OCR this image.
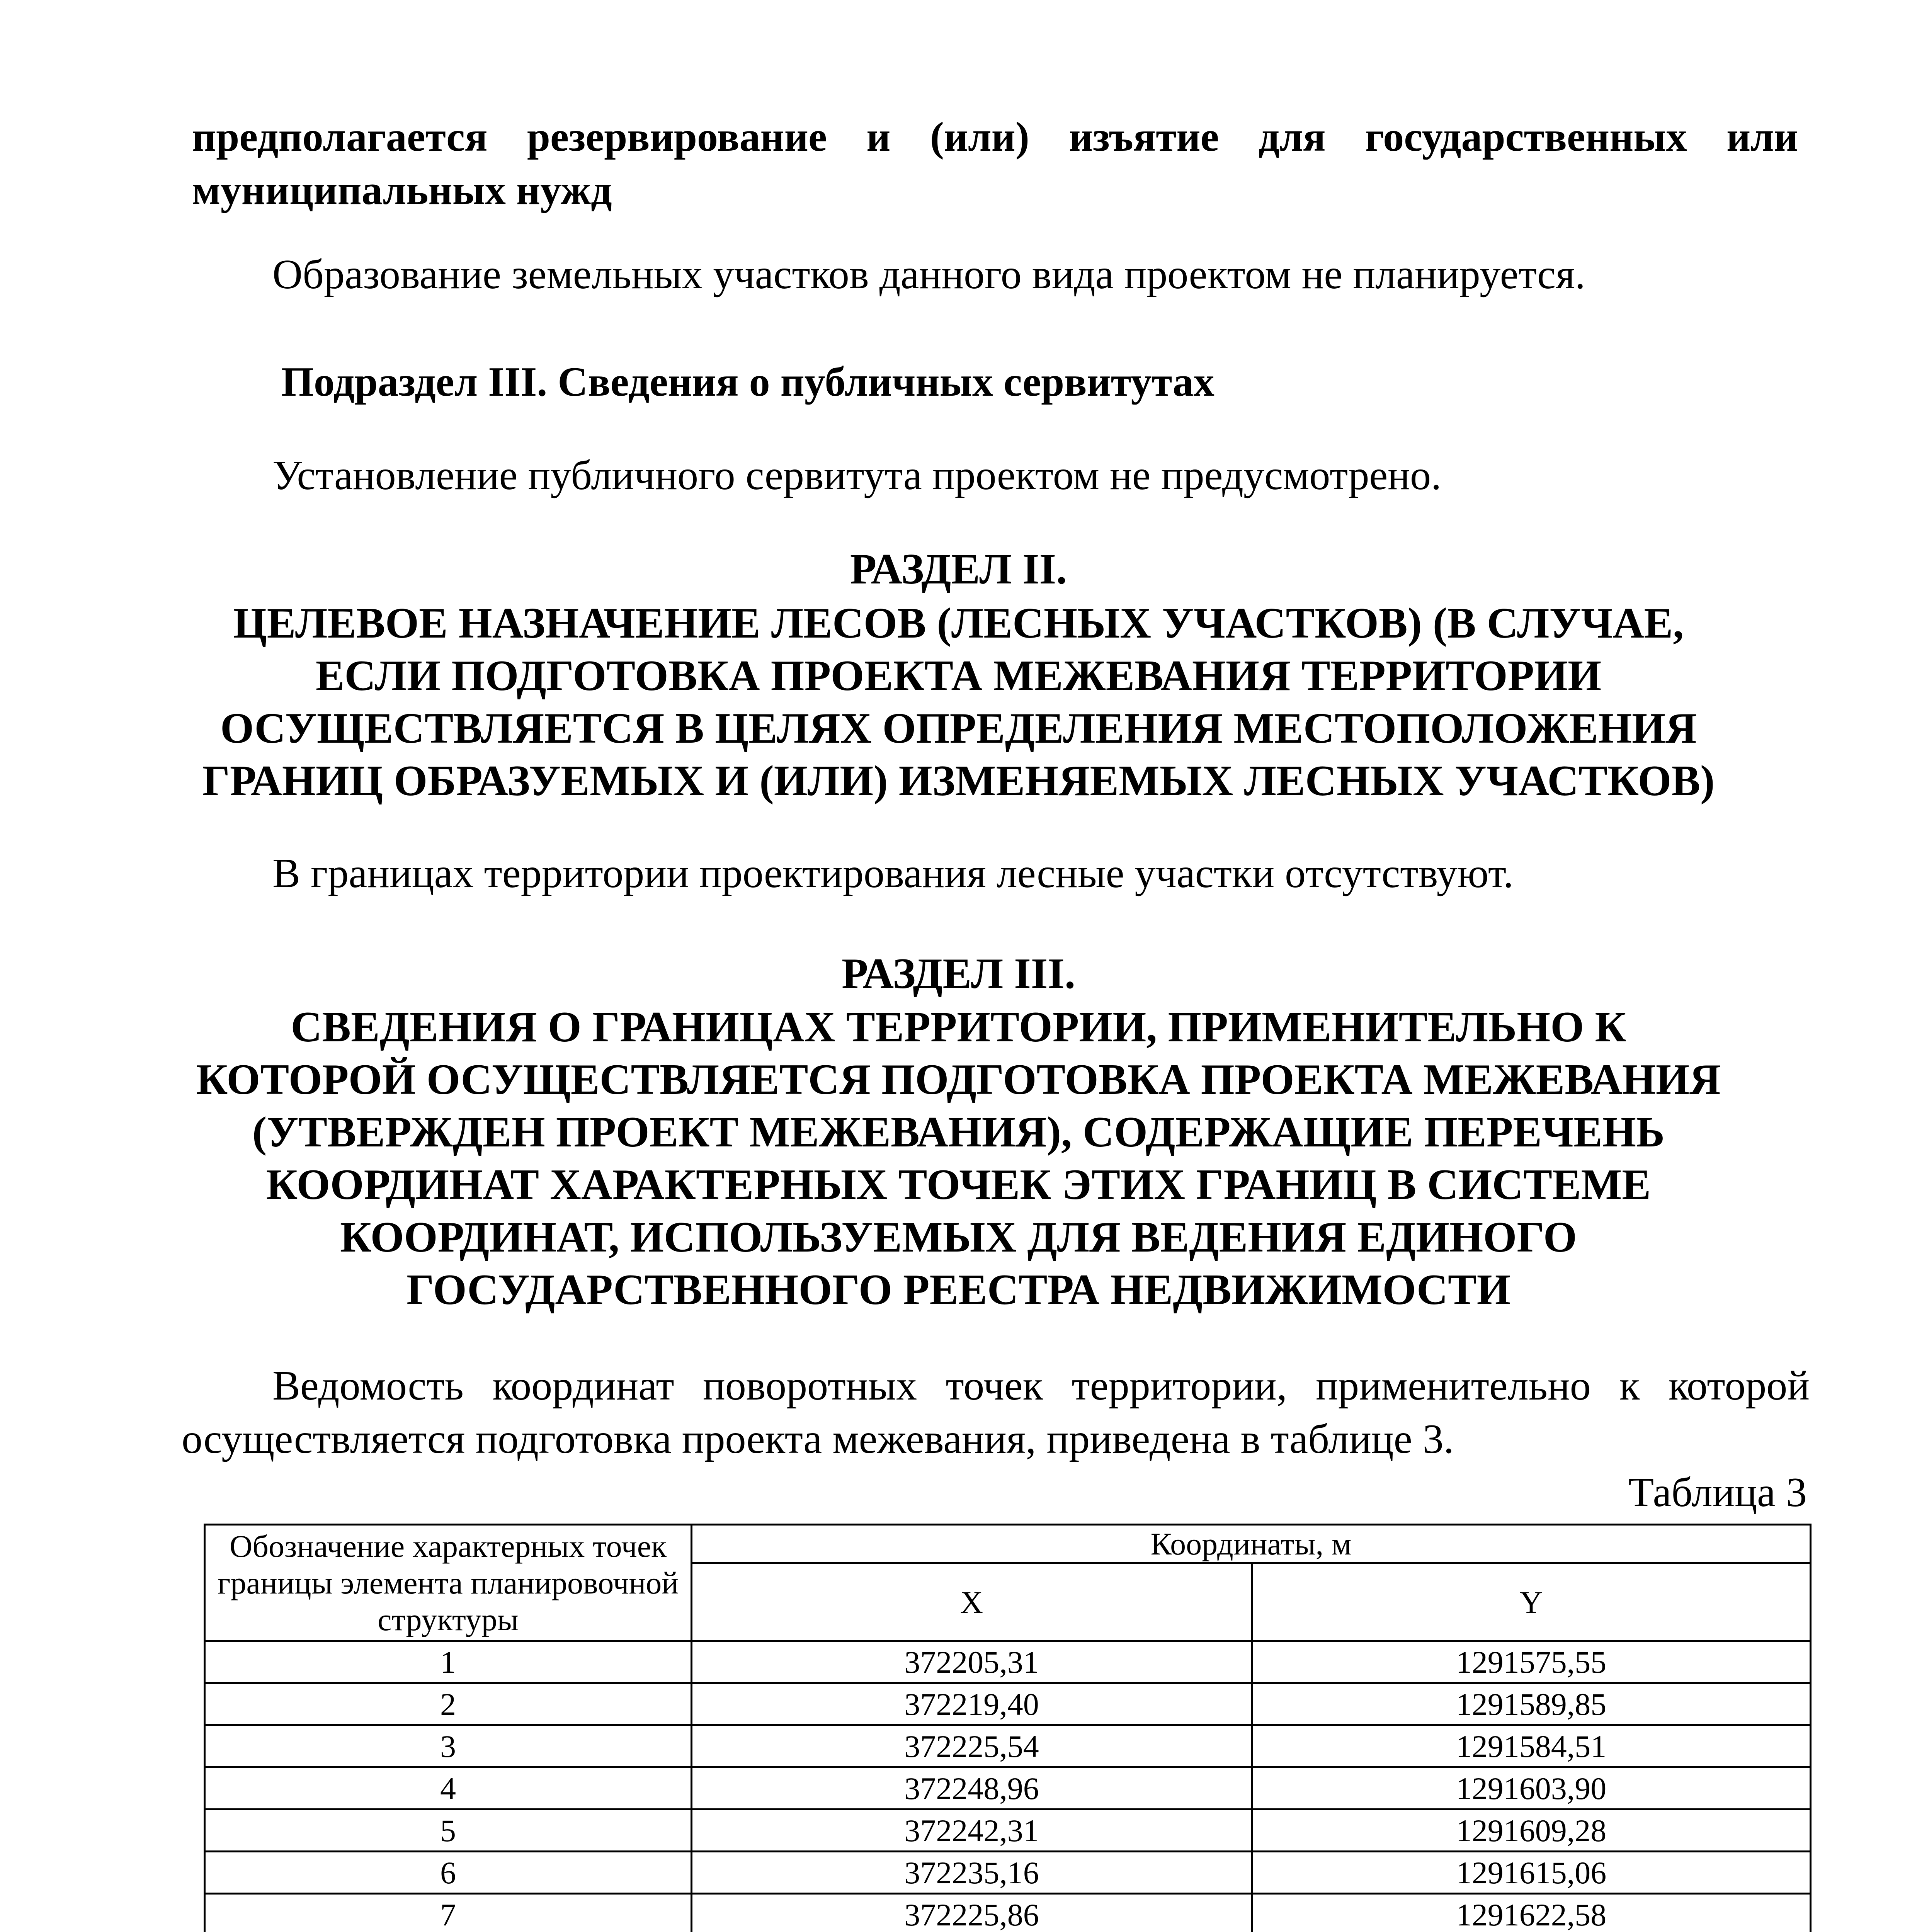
предполагается резервирование и (или) изъятие для государственных или
муниципальных нужд
Образование земельных участков данного вида проектом не планируется.
Подраздел III. Сведения о публичных сервитутах
Установление публичного сервитута проектом не предусмотрено.
РАЗДЕЛ II.
ЦЕЛЕВОЕ НАЗНАЧЕНИЕ ЛЕСОВ (ЛЕСНЫХ УЧАСТКОВ) (В СЛУЧАЕ,
ЕСЛИ ПОДГОТОВКА ПРОЕКТА МЕЖЕВАНИЯ ТЕРРИТОРИИ
ОСУЩЕСТВЛЯЕТСЯ В ЦЕЛЯХ ОПРЕДЕЛЕНИЯ МЕСТОПОЛОЖЕНИЯ
ГРАНИЦ ОБРАЗУЕМЫХ И (ИЛИ) ИЗМЕНЯЕМЫХ ЛЕСНЫХ УЧАСТКОВ)
В границах территории проектирования лесные участки отсутствуют.
РАЗДЕЛ III.
СВЕДЕНИЯ О ГРАНИЦАХ ТЕРРИТОРИИ, ПРИМЕНИТЕЛЬНО К
КОТОРОЙ ОСУЩЕСТВЛЯЕТСЯ ПОДГОТОВКА ПРОЕКТА МЕЖЕВАНИЯ
(УТВЕРЖДЕН ПРОЕКТ МЕЖЕВАНИЯ), СОДЕРЖАЩИЕ ПЕРЕЧЕНЬ
КООРДИНАТ ХАРАКТЕРНЫХ ТОЧЕК ЭТИХ ГРАНИЦ В СИСТЕМЕ
КООРДИНАТ, ИСПОЛЬЗУЕМЫХ ДЛЯ ВЕДЕНИЯ ЕДИНОГО
ГОСУДАРСТВЕННОГО РЕЕСТРА НЕДВИЖИМОСТИ
Ведомость координат поворотных точек территории, применительно к которой
осуществляется подготовка проекта межевания, приведена в таблице 3.
Таблица 3
Обозначение характерных точек границы элемента планировочной структуры	Координаты, м	
	X	Y
1	372205,31	1291575,55
2	372219,40	1291589,85
3	372225,54	1291584,51
4	372248,96	1291603,90
5	372242,31	1291609,28
6	372235,16	1291615,06
7	372225,86	1291622,58
